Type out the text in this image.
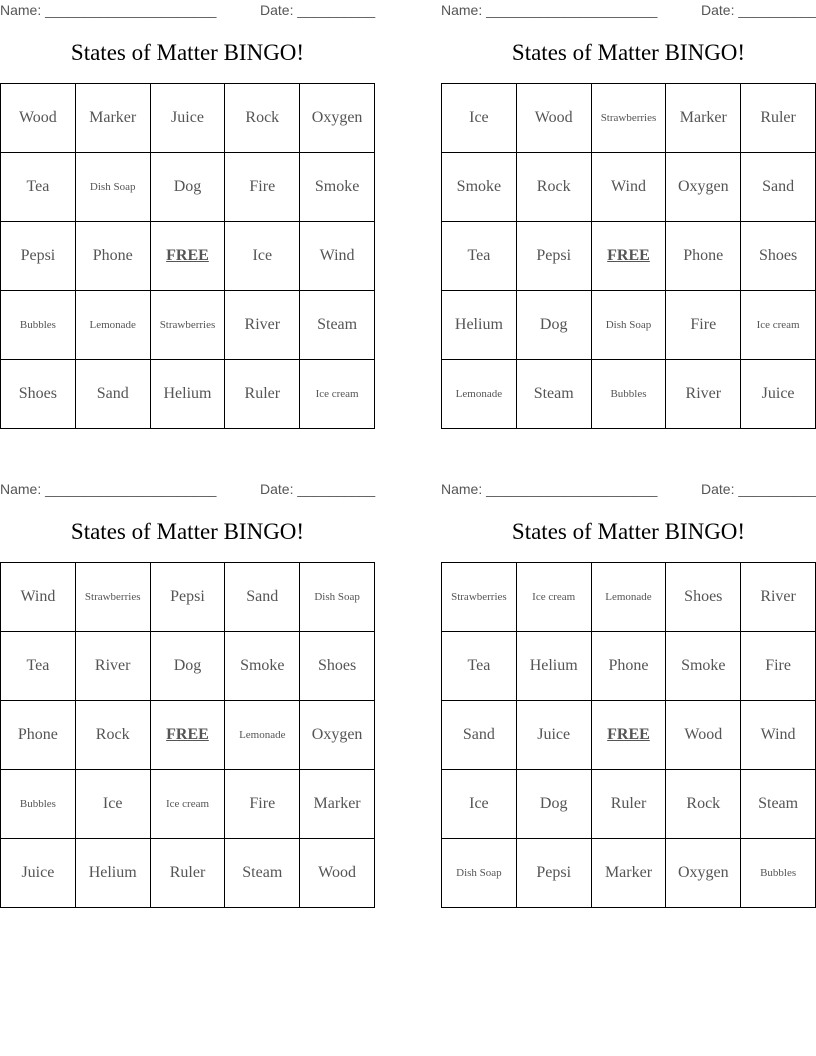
Name: ______________________	Date: __________
States of Matter BINGO!
Wood	Marker	Juice	Rock	Oxygen
Tea	Dish Soap	Dog	Fire	Smoke
Pepsi	Phone	FREE	Ice	Wind
Bubbles	Lemonade	Strawberries	River	Steam
Shoes	Sand	Helium	Ruler	Ice cream
Name: ______________________	Date: __________
States of Matter BINGO!
Ice	Wood	Strawberries	Marker	Ruler
Smoke	Rock	Wind	Oxygen	Sand
Tea	Pepsi	FREE	Phone	Shoes
Helium	Dog	Dish Soap	Fire	Ice cream
Lemonade	Steam	Bubbles	River	Juice
Name: ______________________	Date: __________
States of Matter BINGO!
Wind	Strawberries	Pepsi	Sand	Dish Soap
Tea	River	Dog	Smoke	Shoes
Phone	Rock	FREE	Lemonade	Oxygen
Bubbles	Ice	Ice cream	Fire	Marker
Juice	Helium	Ruler	Steam	Wood
Name: ______________________	Date: __________
States of Matter BINGO!
Strawberries	Ice cream	Lemonade	Shoes	River
Tea	Helium	Phone	Smoke	Fire
Sand	Juice	FREE	Wood	Wind
Ice	Dog	Ruler	Rock	Steam
Dish Soap	Pepsi	Marker	Oxygen	Bubbles
